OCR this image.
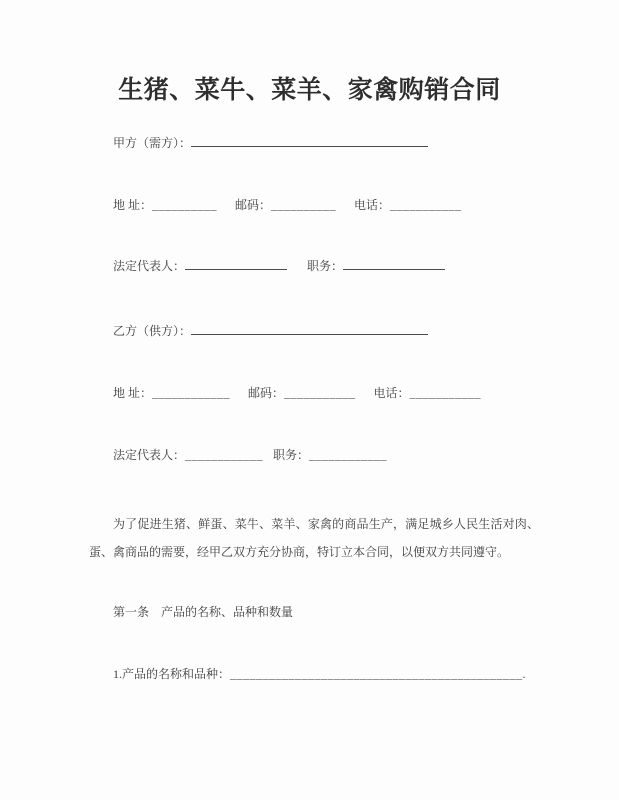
生猪、菜牛、菜羊、家禽购销合同
甲方（需方）：
地 址：__________ 邮码：__________ 电话：___________
法定代表人：	职务：
乙方（供方）：
地 址：____________ 邮码：___________ 电话：___________
法定代表人：____________ 职务：____________

为了促进生猪、鲜蛋、菜牛、菜羊、家禽的商品生产，满足城乡人民生活对肉、蛋、禽商品的需要，经甲乙双方充分协商，特订立本合同，以便双方共同遵守。

第一条　产品的名称、品种和数量
1.产品的名称和品种：_____________________________________________.
